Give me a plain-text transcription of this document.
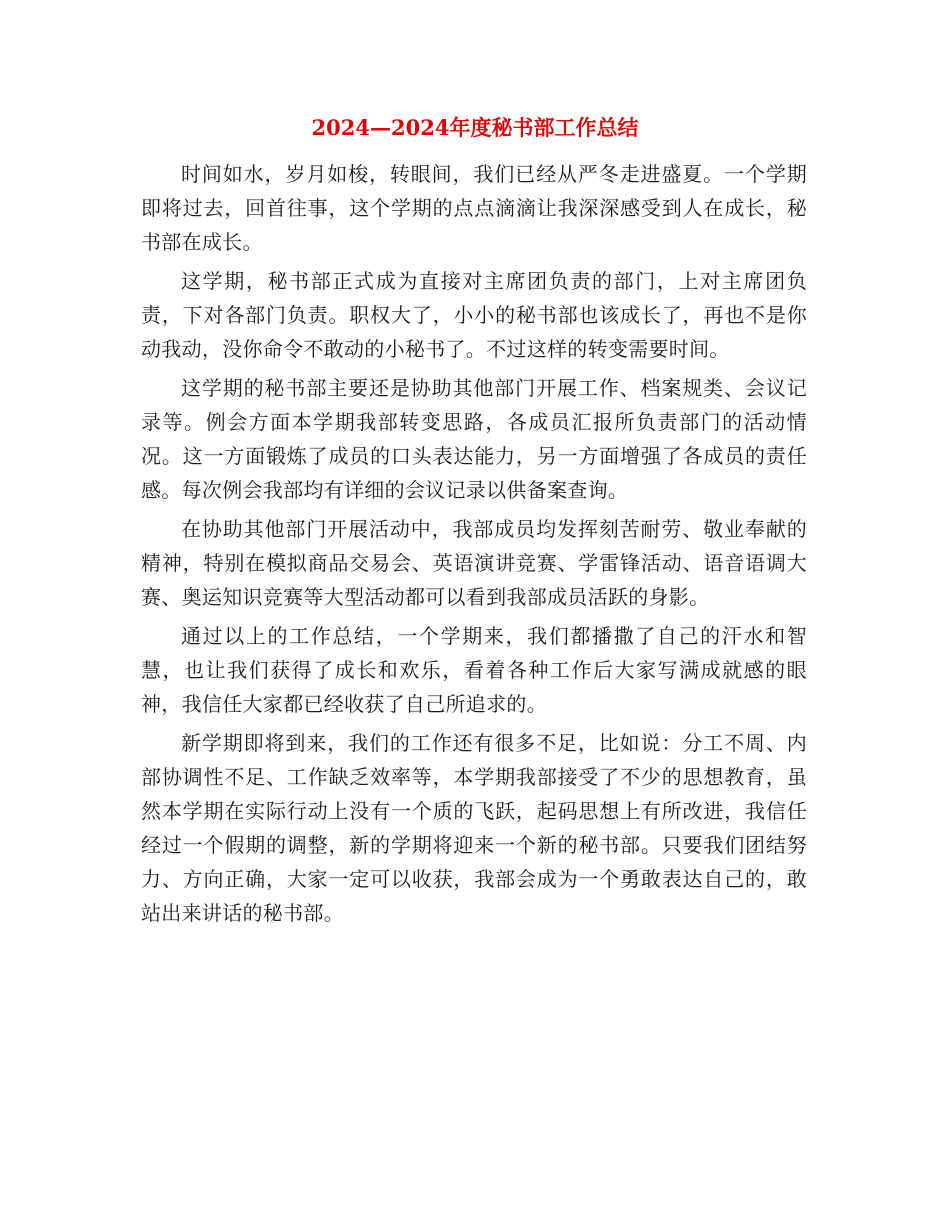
2024—2024年度秘书部工作总结

时间如水，岁月如梭，转眼间，我们已经从严冬走进盛夏。一个学期即将过去，回首往事，这个学期的点点滴滴让我深深感受到人在成长，秘书部在成长。

这学期，秘书部正式成为直接对主席团负责的部门，上对主席团负责，下对各部门负责。职权大了，小小的秘书部也该成长了，再也不是你动我动，没你命令不敢动的小秘书了。不过这样的转变需要时间。

这学期的秘书部主要还是协助其他部门开展工作、档案规类、会议记录等。例会方面本学期我部转变思路，各成员汇报所负责部门的活动情况。这一方面锻炼了成员的口头表达能力，另一方面增强了各成员的责任感。每次例会我部均有详细的会议记录以供备案查询。

在协助其他部门开展活动中，我部成员均发挥刻苦耐劳、敬业奉献的精神，特别在模拟商品交易会、英语演讲竞赛、学雷锋活动、语音语调大赛、奥运知识竞赛等大型活动都可以看到我部成员活跃的身影。

通过以上的工作总结，一个学期来，我们都播撒了自己的汗水和智慧，也让我们获得了成长和欢乐，看着各种工作后大家写满成就感的眼神，我信任大家都已经收获了自己所追求的。

新学期即将到来，我们的工作还有很多不足，比如说：分工不周、内部协调性不足、工作缺乏效率等，本学期我部接受了不少的思想教育，虽然本学期在实际行动上没有一个质的飞跃，起码思想上有所改进，我信任经过一个假期的调整，新的学期将迎来一个新的秘书部。只要我们团结努力、方向正确，大家一定可以收获，我部会成为一个勇敢表达自己的，敢站出来讲话的秘书部。
